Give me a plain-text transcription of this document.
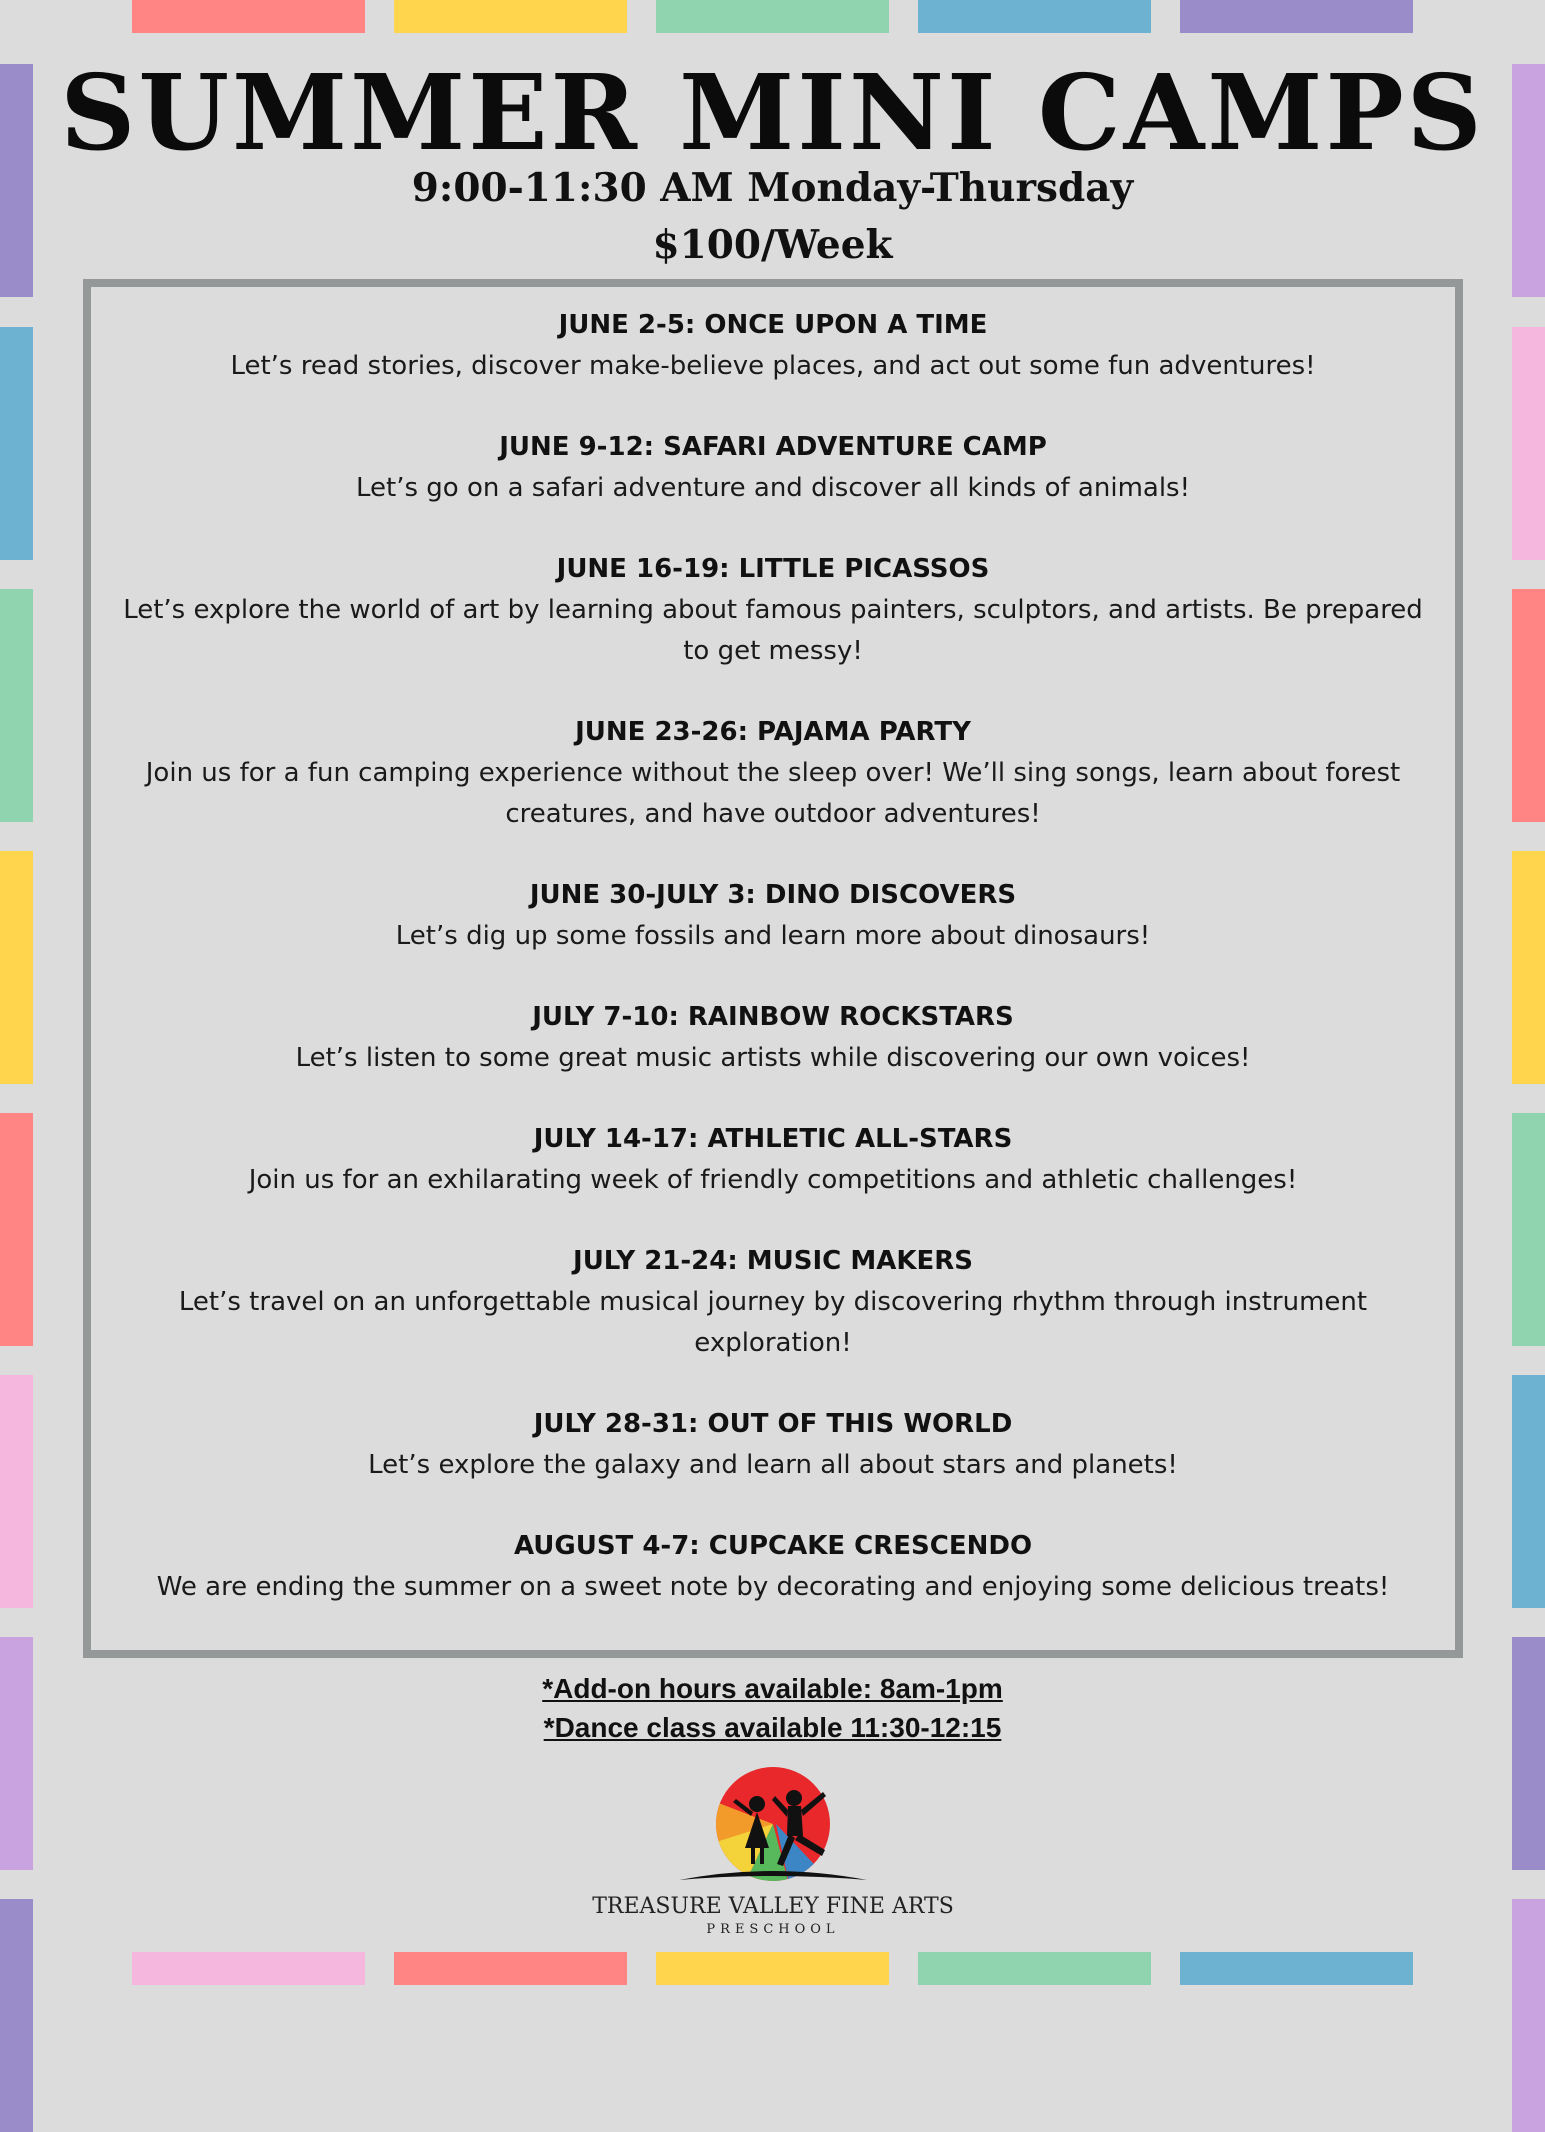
SUMMER MINI CAMPS
9:00-11:30 AM Monday-Thursday
$100/Week
JUNE 2-5: ONCE UPON A TIME
Let’s read stories, discover make-believe places, and act out some fun adventures!
JUNE 9-12: SAFARI ADVENTURE CAMP
Let’s go on a safari adventure and discover all kinds of animals!
JUNE 16-19: LITTLE PICASSOS
Let’s explore the world of art by learning about famous painters, sculptors, and artists. Be prepared to get messy!
JUNE 23-26: PAJAMA PARTY
Join us for a fun camping experience without the sleep over! We’ll sing songs, learn about forest creatures, and have outdoor adventures!
JUNE 30-JULY 3: DINO DISCOVERS
Let’s dig up some fossils and learn more about dinosaurs!
JULY 7-10: RAINBOW ROCKSTARS
Let’s listen to some great music artists while discovering our own voices!
JULY 14-17: ATHLETIC ALL-STARS
Join us for an exhilarating week of friendly competitions and athletic challenges!
JULY 21-24: MUSIC MAKERS
Let’s travel on an unforgettable musical journey by discovering rhythm through instrument exploration!
JULY 28-31: OUT OF THIS WORLD
Let’s explore the galaxy and learn all about stars and planets!
AUGUST 4-7: CUPCAKE CRESCENDO
We are ending the summer on a sweet note by decorating and enjoying some delicious treats!
*Add-on hours available: 8am-1pm
*Dance class available 11:30-12:15
TREASURE VALLEY FINE ARTS
PRESCHOOL
